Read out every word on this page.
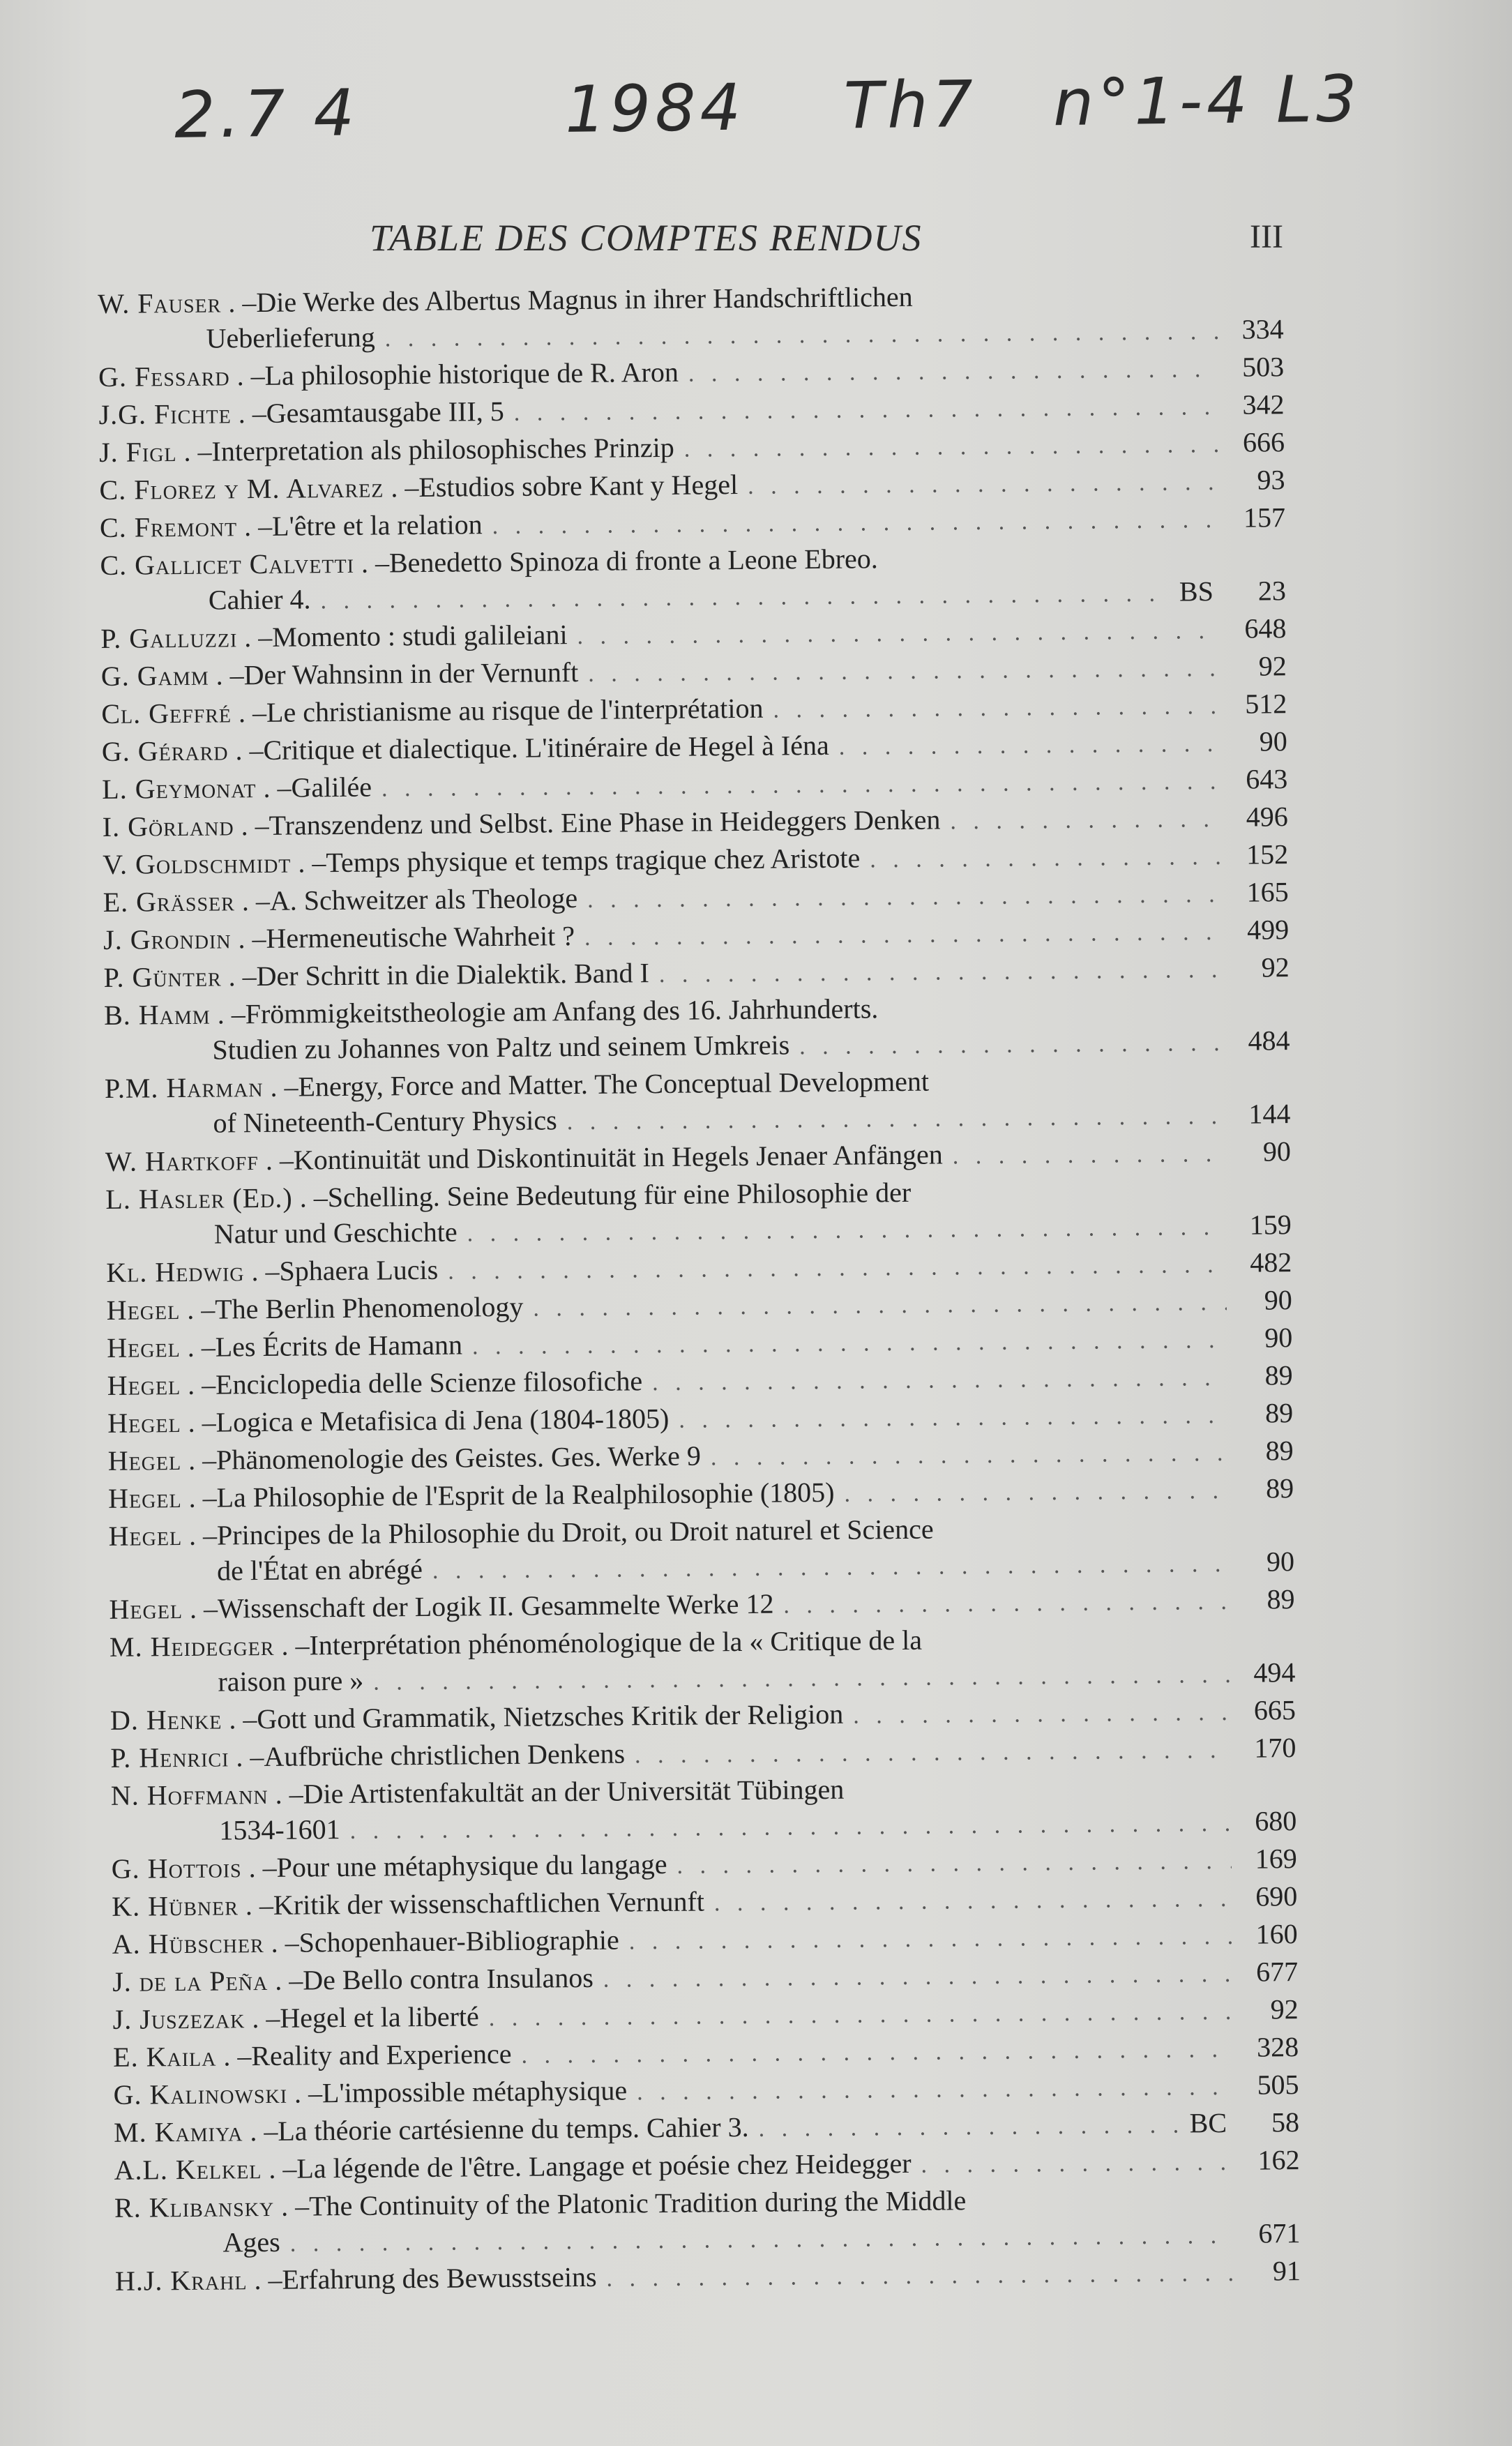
2.7 4	1984 Th7 n°1-4 L3
TABLE DES COMPTES RENDUS	III
W. Fauser . – Die Werke des Albertus Magnus in ihrer Handschriftlichen
Ueberlieferung . . .	334
G. Fessard . – La philosophie historique de R. Aron . . .	503
J.G. Fichte . – Gesamtausgabe III, 5 . . .	342
J. Figl . – Interpretation als philosophisches Prinzip . . .	666
C. Florez y M. Alvarez . – Estudios sobre Kant y Hegel . . .	93
C. Fremont . – L'être et la relation . . .	157
C. Gallicet Calvetti . – Benedetto Spinoza di fronte a Leone Ebreo.
Cahier 4. . . .	BS	23
P. Galluzzi . – Momento : studi galileiani . . .	648
G. Gamm . – Der Wahnsinn in der Vernunft . . .	92
Cl. Geffré . – Le christianisme au risque de l'interprétation . . .	512
G. Gérard . – Critique et dialectique. L'itinéraire de Hegel à Iéna . . .	90
L. Geymonat . – Galilée . . .	643
I. Görland . – Transzendenz und Selbst. Eine Phase in Heideggers Denken . . .	496
V. Goldschmidt . – Temps physique et temps tragique chez Aristote . . .	152
E. Grässer . – A. Schweitzer als Theologe . . .	165
J. Grondin . – Hermeneutische Wahrheit ? . . .	499
P. Günter . – Der Schritt in die Dialektik. Band I . . .	92
B. Hamm . – Frömmigkeitstheologie am Anfang des 16. Jahrhunderts.
Studien zu Johannes von Paltz und seinem Umkreis . . .	484
P.M. Harman . – Energy, Force and Matter. The Conceptual Development
of Nineteenth-Century Physics . . .	144
W. Hartkoff . – Kontinuität und Diskontinuität in Hegels Jenaer Anfängen . . .	90
L. Hasler (Ed.) . – Schelling. Seine Bedeutung für eine Philosophie der
Natur und Geschichte . . .	159
Kl. Hedwig . – Sphaera Lucis . . .	482
Hegel . – The Berlin Phenomenology . . .	90
Hegel . – Les Écrits de Hamann . . .	90
Hegel . – Enciclopedia delle Scienze filosofiche . . .	89
Hegel . – Logica e Metafisica di Jena (1804-1805) . . .	89
Hegel . – Phänomenologie des Geistes. Ges. Werke 9 . . .	89
Hegel . – La Philosophie de l'Esprit de la Realphilosophie (1805) . . .	89
Hegel . – Principes de la Philosophie du Droit, ou Droit naturel et Science
de l'État en abrégé . . .	90
Hegel . – Wissenschaft der Logik II. Gesammelte Werke 12 . . .	89
M. Heidegger . – Interprétation phénoménologique de la « Critique de la
raison pure » . . .	494
D. Henke . – Gott und Grammatik, Nietzsches Kritik der Religion . . .	665
P. Henrici . – Aufbrüche christlichen Denkens . . .	170
N. Hoffmann . – Die Artistenfakultät an der Universität Tübingen
1534-1601 . . .	680
G. Hottois . – Pour une métaphysique du langage . . .	169
K. Hübner . – Kritik der wissenschaftlichen Vernunft . . .	690
A. Hübscher . – Schopenhauer-Bibliographie . . .	160
J. de la Peña . – De Bello contra Insulanos . . .	677
J. Juszezak . – Hegel et la liberté . . .	92
E. Kaila . – Reality and Experience . . .	328
G. Kalinowski . – L'impossible métaphysique . . .	505
M. Kamiya . – La théorie cartésienne du temps. Cahier 3. . . .	BC	58
A.L. Kelkel . – La légende de l'être. Langage et poésie chez Heidegger . . .	162
R. Klibansky . – The Continuity of the Platonic Tradition during the Middle
Ages . . .	671
H.J. Krahl . – Erfahrung des Bewusstseins . . .	91
